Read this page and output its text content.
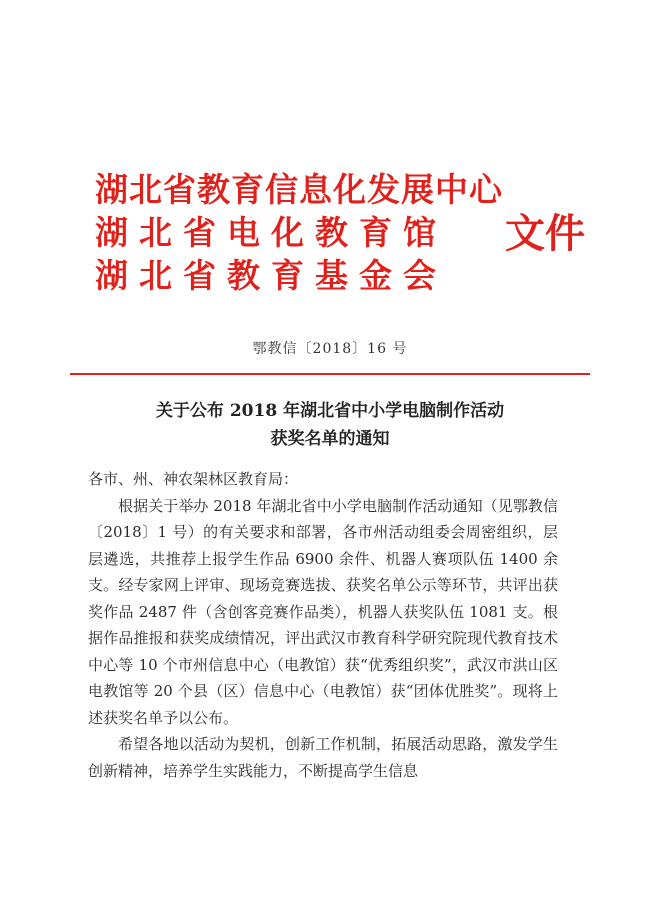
湖北省教育信息化发展中心
湖北省电化教育馆
湖北省教育基金会
文件
鄂教信〔2018〕16 号
关于公布 2018 年湖北省中小学电脑制作活动
获奖名单的通知

各市、州、神农架林区教育局：

根据关于举办 2018 年湖北省中小学电脑制作活动通知（见鄂教信〔2018〕1 号）的有关要求和部署，各市州活动组委会周密组织，层层遴选，共推荐上报学生作品 6900 余件、机器人赛项队伍 1400 余支。经专家网上评审、现场竞赛选拔、获奖名单公示等环节，共评出获奖作品 2487 件（含创客竞赛作品类），机器人获奖队伍 1081 支。根据作品推报和获奖成绩情况，评出武汉市教育科学研究院现代教育技术中心等 10 个市州信息中心（电教馆）获“优秀组织奖”，武汉市洪山区电教馆等 20 个县（区）信息中心（电教馆）获“团体优胜奖”。现将上述获奖名单予以公布。

希望各地以活动为契机，创新工作机制，拓展活动思路，激发学生创新精神，培养学生实践能力，不断提高学生信息
